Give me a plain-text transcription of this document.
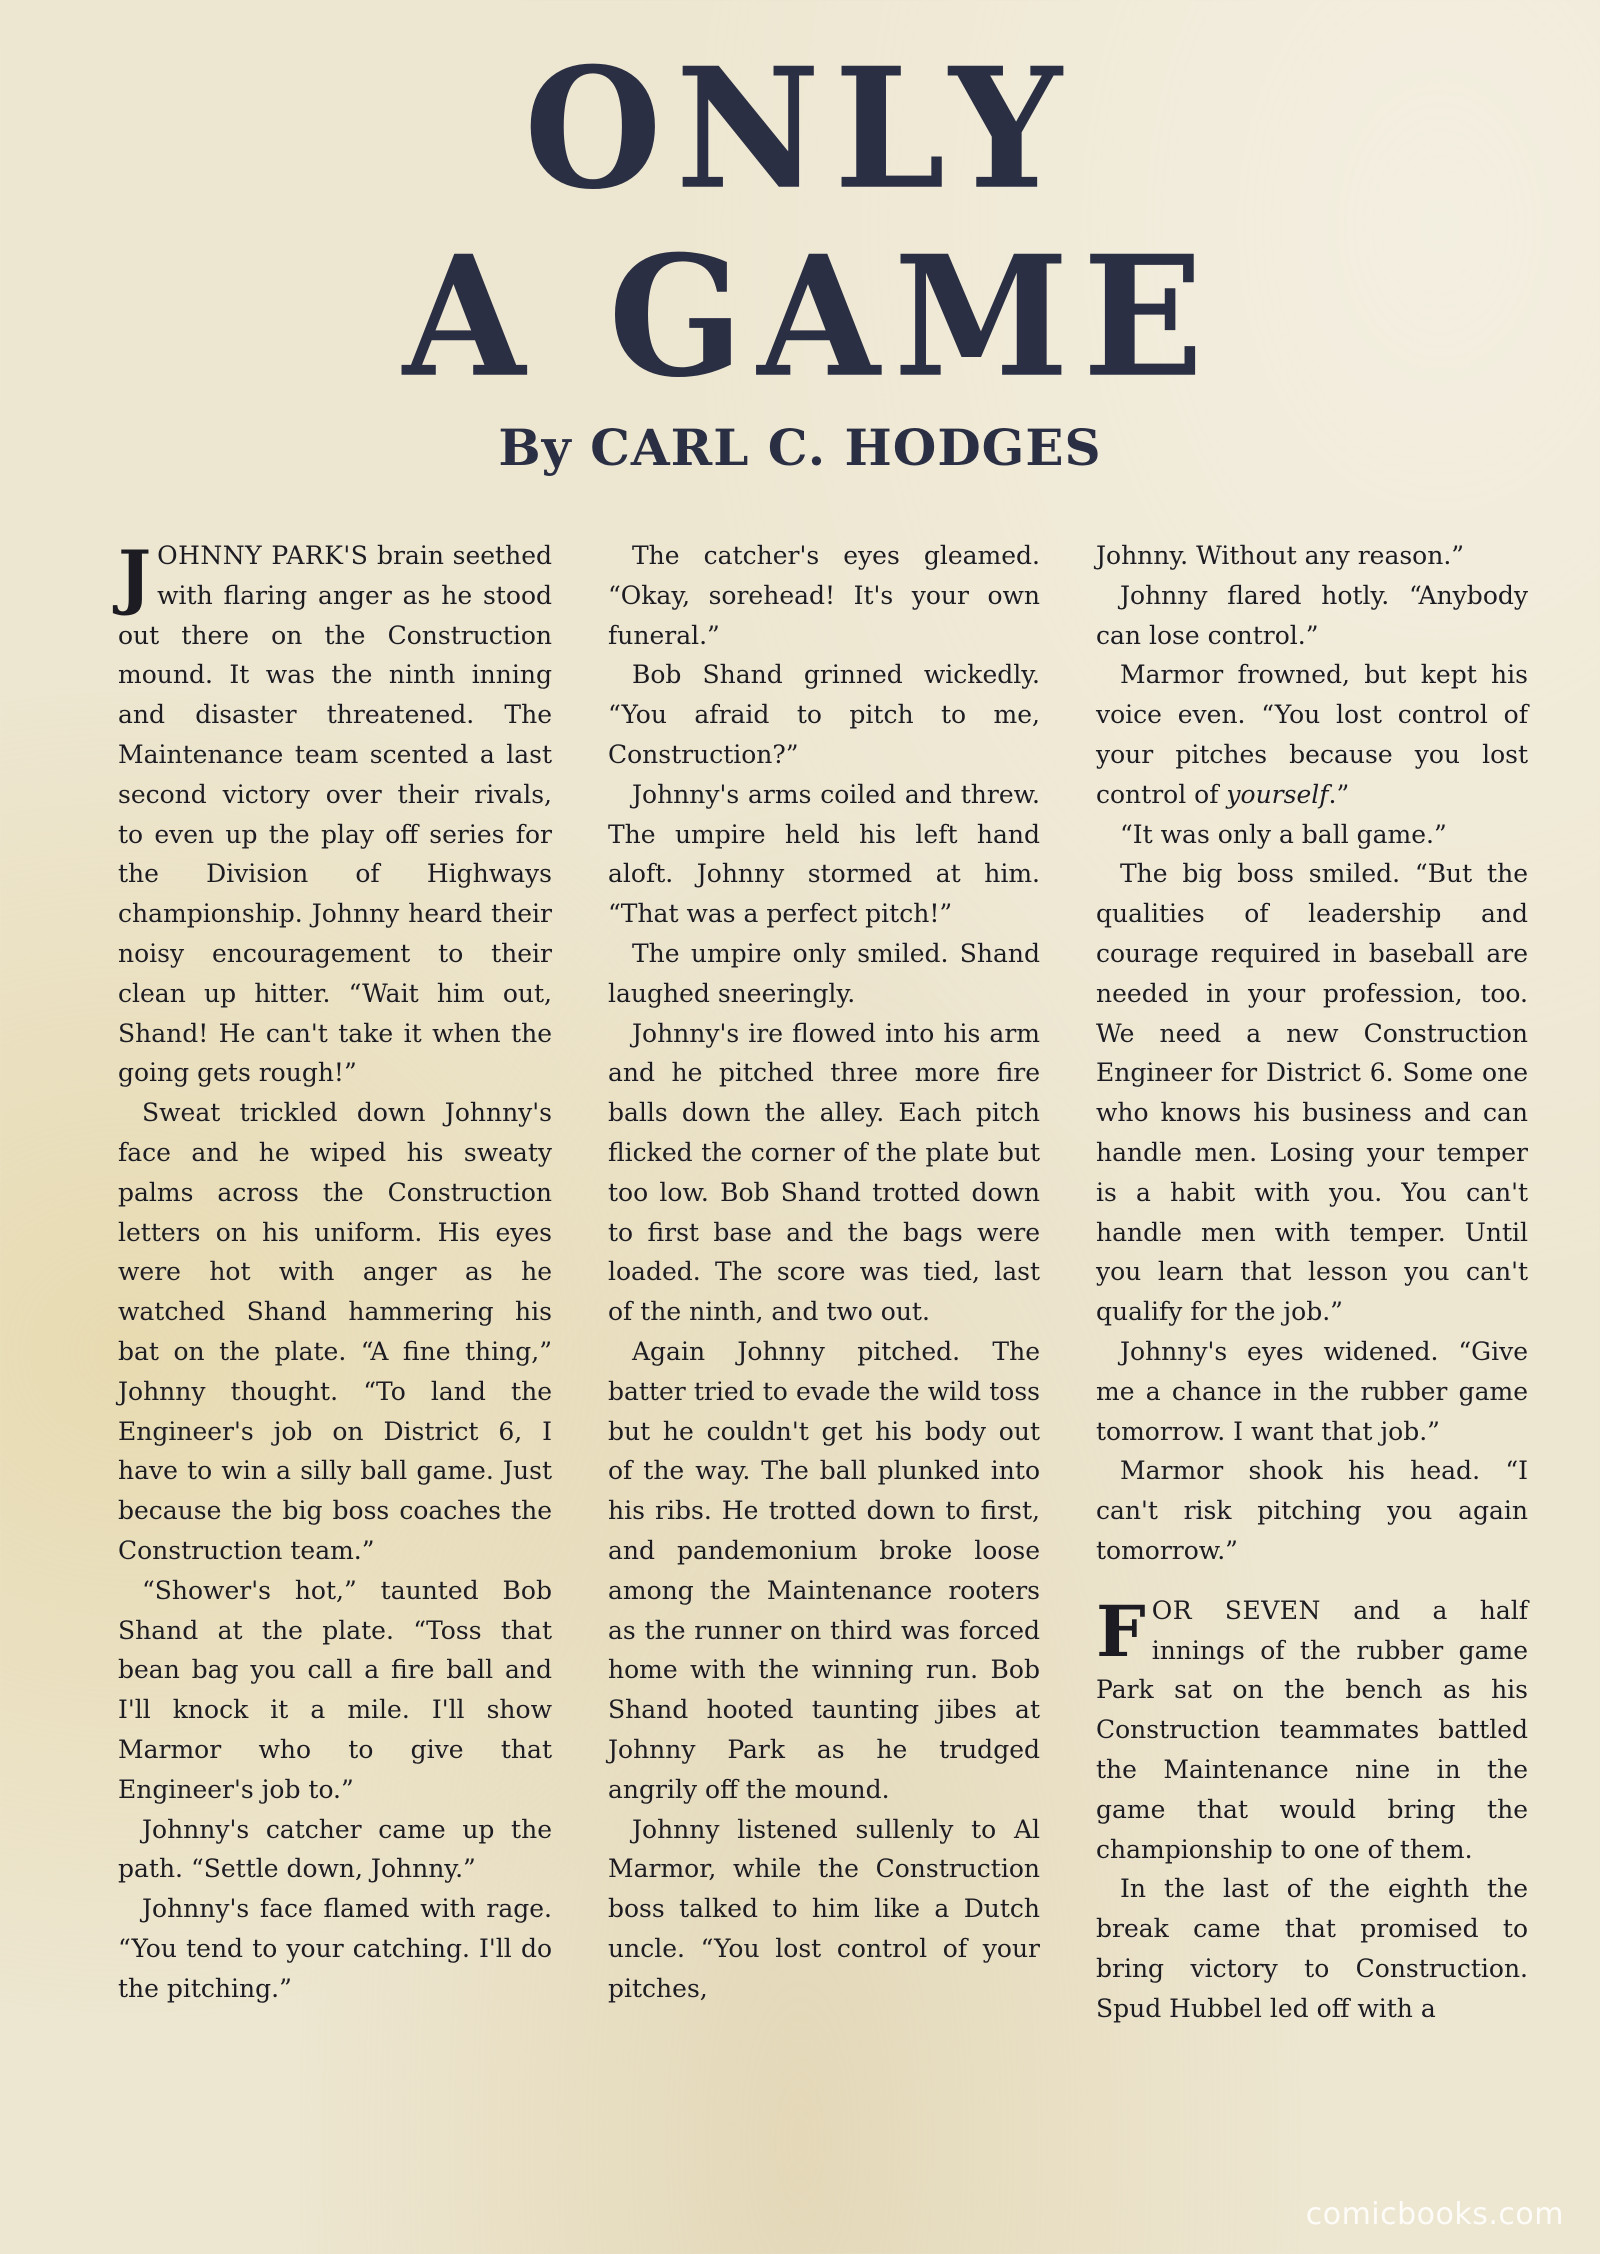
ONLY
A GAME
By CARL C. HODGES

JOHNNY PARK'S brain seethed with flaring anger as he stood out there on the Construction mound. It was the ninth inning and disaster threatened. The Maintenance team scented a last second victory over their rivals, to even up the play off series for the Division of Highways championship. Johnny heard their noisy encouragement to their clean up hitter. “Wait him out, Shand! He can't take it when the going gets rough!”

Sweat trickled down Johnny's face and he wiped his sweaty palms across the Construction letters on his uniform. His eyes were hot with anger as he watched Shand hammering his bat on the plate. “A fine thing,” Johnny thought. “To land the Engineer's job on District 6, I have to win a silly ball game. Just because the big boss coaches the Construction team.”

“Shower's hot,” taunted Bob Shand at the plate. “Toss that bean bag you call a fire ball and I'll knock it a mile. I'll show Marmor who to give that Engineer's job to.”

Johnny's catcher came up the path. “Settle down, Johnny.”

Johnny's face flamed with rage. “You tend to your catching. I'll do the pitching.”

The catcher's eyes gleamed. “Okay, sorehead! It's your own funeral.”

Bob Shand grinned wickedly. “You afraid to pitch to me, Construction?”

Johnny's arms coiled and threw. The umpire held his left hand aloft. Johnny stormed at him. “That was a perfect pitch!”

The umpire only smiled. Shand laughed sneeringly.

Johnny's ire flowed into his arm and he pitched three more fire balls down the alley. Each pitch flicked the corner of the plate but too low. Bob Shand trotted down to first base and the bags were loaded. The score was tied, last of the ninth, and two out.

Again Johnny pitched. The batter tried to evade the wild toss but he couldn't get his body out of the way. The ball plunked into his ribs. He trotted down to first, and pandemonium broke loose among the Maintenance rooters as the runner on third was forced home with the winning run. Bob Shand hooted taunting jibes at Johnny Park as he trudged angrily off the mound.

Johnny listened sullenly to Al Marmor, while the Construction boss talked to him like a Dutch uncle. “You lost control of your pitches,

Johnny. Without any reason.”

Johnny flared hotly. “Anybody can lose control.”

Marmor frowned, but kept his voice even. “You lost control of your pitches because you lost control of yourself.”

“It was only a ball game.”

The big boss smiled. “But the qualities of leadership and courage required in baseball are needed in your profession, too. We need a new Construction Engineer for District 6. Some one who knows his business and can handle men. Losing your temper is a habit with you. You can't handle men with temper. Until you learn that lesson you can't qualify for the job.”

Johnny's eyes widened. “Give me a chance in the rubber game tomorrow. I want that job.”

Marmor shook his head. “I can't risk pitching you again tomorrow.”

FOR SEVEN and a half innings of the rubber game Park sat on the bench as his Construction teammates battled the Maintenance nine in the game that would bring the championship to one of them.

In the last of the eighth the break came that promised to bring victory to Construction. Spud Hubbel led off with a

comicbooks.com
